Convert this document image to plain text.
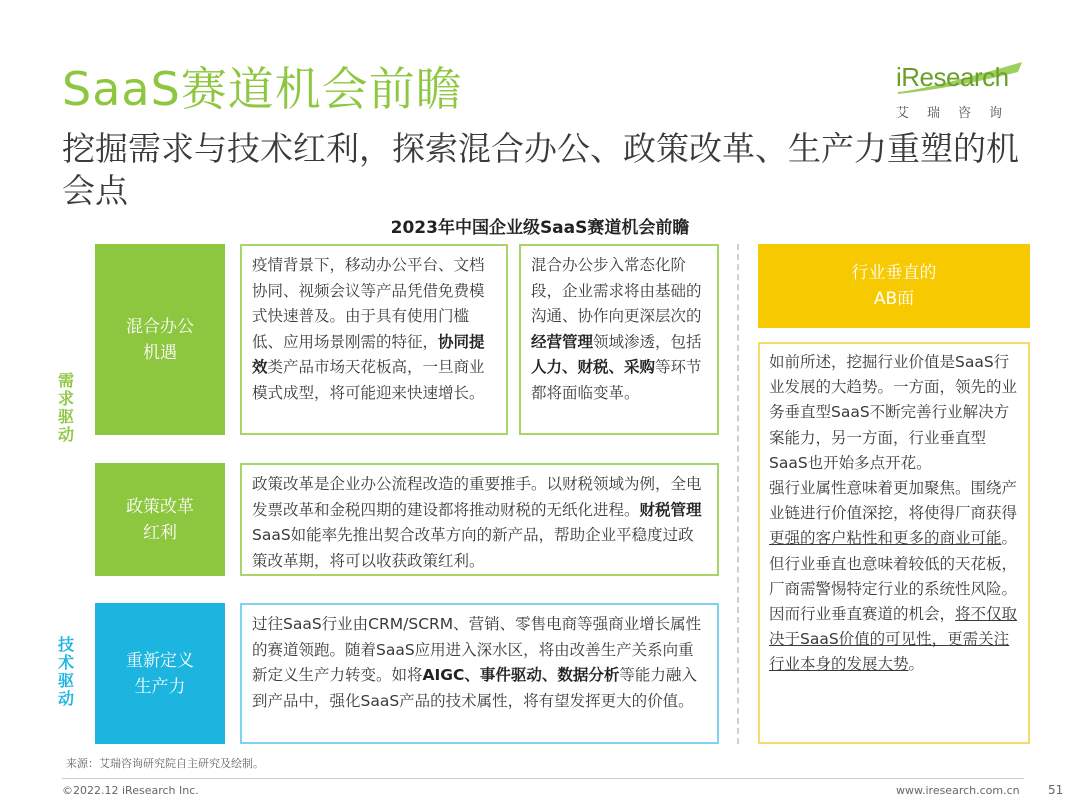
SaaS赛道机会前瞻
挖掘需求与技术红利，探索混合办公、政策改革、生产力重塑的机会点
iResearch
艾瑞咨询
2023年中国企业级SaaS赛道机会前瞻
需求驱动
技术驱动
混合办公
机遇
疫情背景下，移动办公平台、文档协同、视频会议等产品凭借免费模式快速普及。由于具有使用门槛低、应用场景刚需的特征，协同提效类产品市场天花板高，一旦商业模式成型，将可能迎来快速增长。
混合办公步入常态化阶段，企业需求将由基础的沟通、协作向更深层次的经营管理领域渗透，包括人力、财税、采购等环节都将面临变革。
政策改革
红利
政策改革是企业办公流程改造的重要推手。以财税领域为例，全电发票改革和金税四期的建设都将推动财税的无纸化进程。财税管理SaaS如能率先推出契合改革方向的新产品，帮助企业平稳度过政策改革期，将可以收获政策红利。
重新定义
生产力
过往SaaS行业由CRM/SCRM、营销、零售电商等强商业增长属性的赛道领跑。随着SaaS应用进入深水区，将由改善生产关系向重新定义生产力转变。如将AIGC、事件驱动、数据分析等能力融入到产品中，强化SaaS产品的技术属性，将有望发挥更大的价值。
行业垂直的
AB面
如前所述，挖掘行业价值是SaaS行业发展的大趋势。一方面，领先的业务垂直型SaaS不断完善行业解决方案能力，另一方面，行业垂直型SaaS也开始多点开花。
强行业属性意味着更加聚焦。围绕产业链进行价值深挖，将使得厂商获得更强的客户粘性和更多的商业可能。但行业垂直也意味着较低的天花板，厂商需警惕特定行业的系统性风险。因而行业垂直赛道的机会，将不仅取决于SaaS价值的可见性，更需关注行业本身的发展大势。
来源：艾瑞咨询研究院自主研究及绘制。
©2022.12 iResearch Inc.	www.iresearch.com.cn 51
